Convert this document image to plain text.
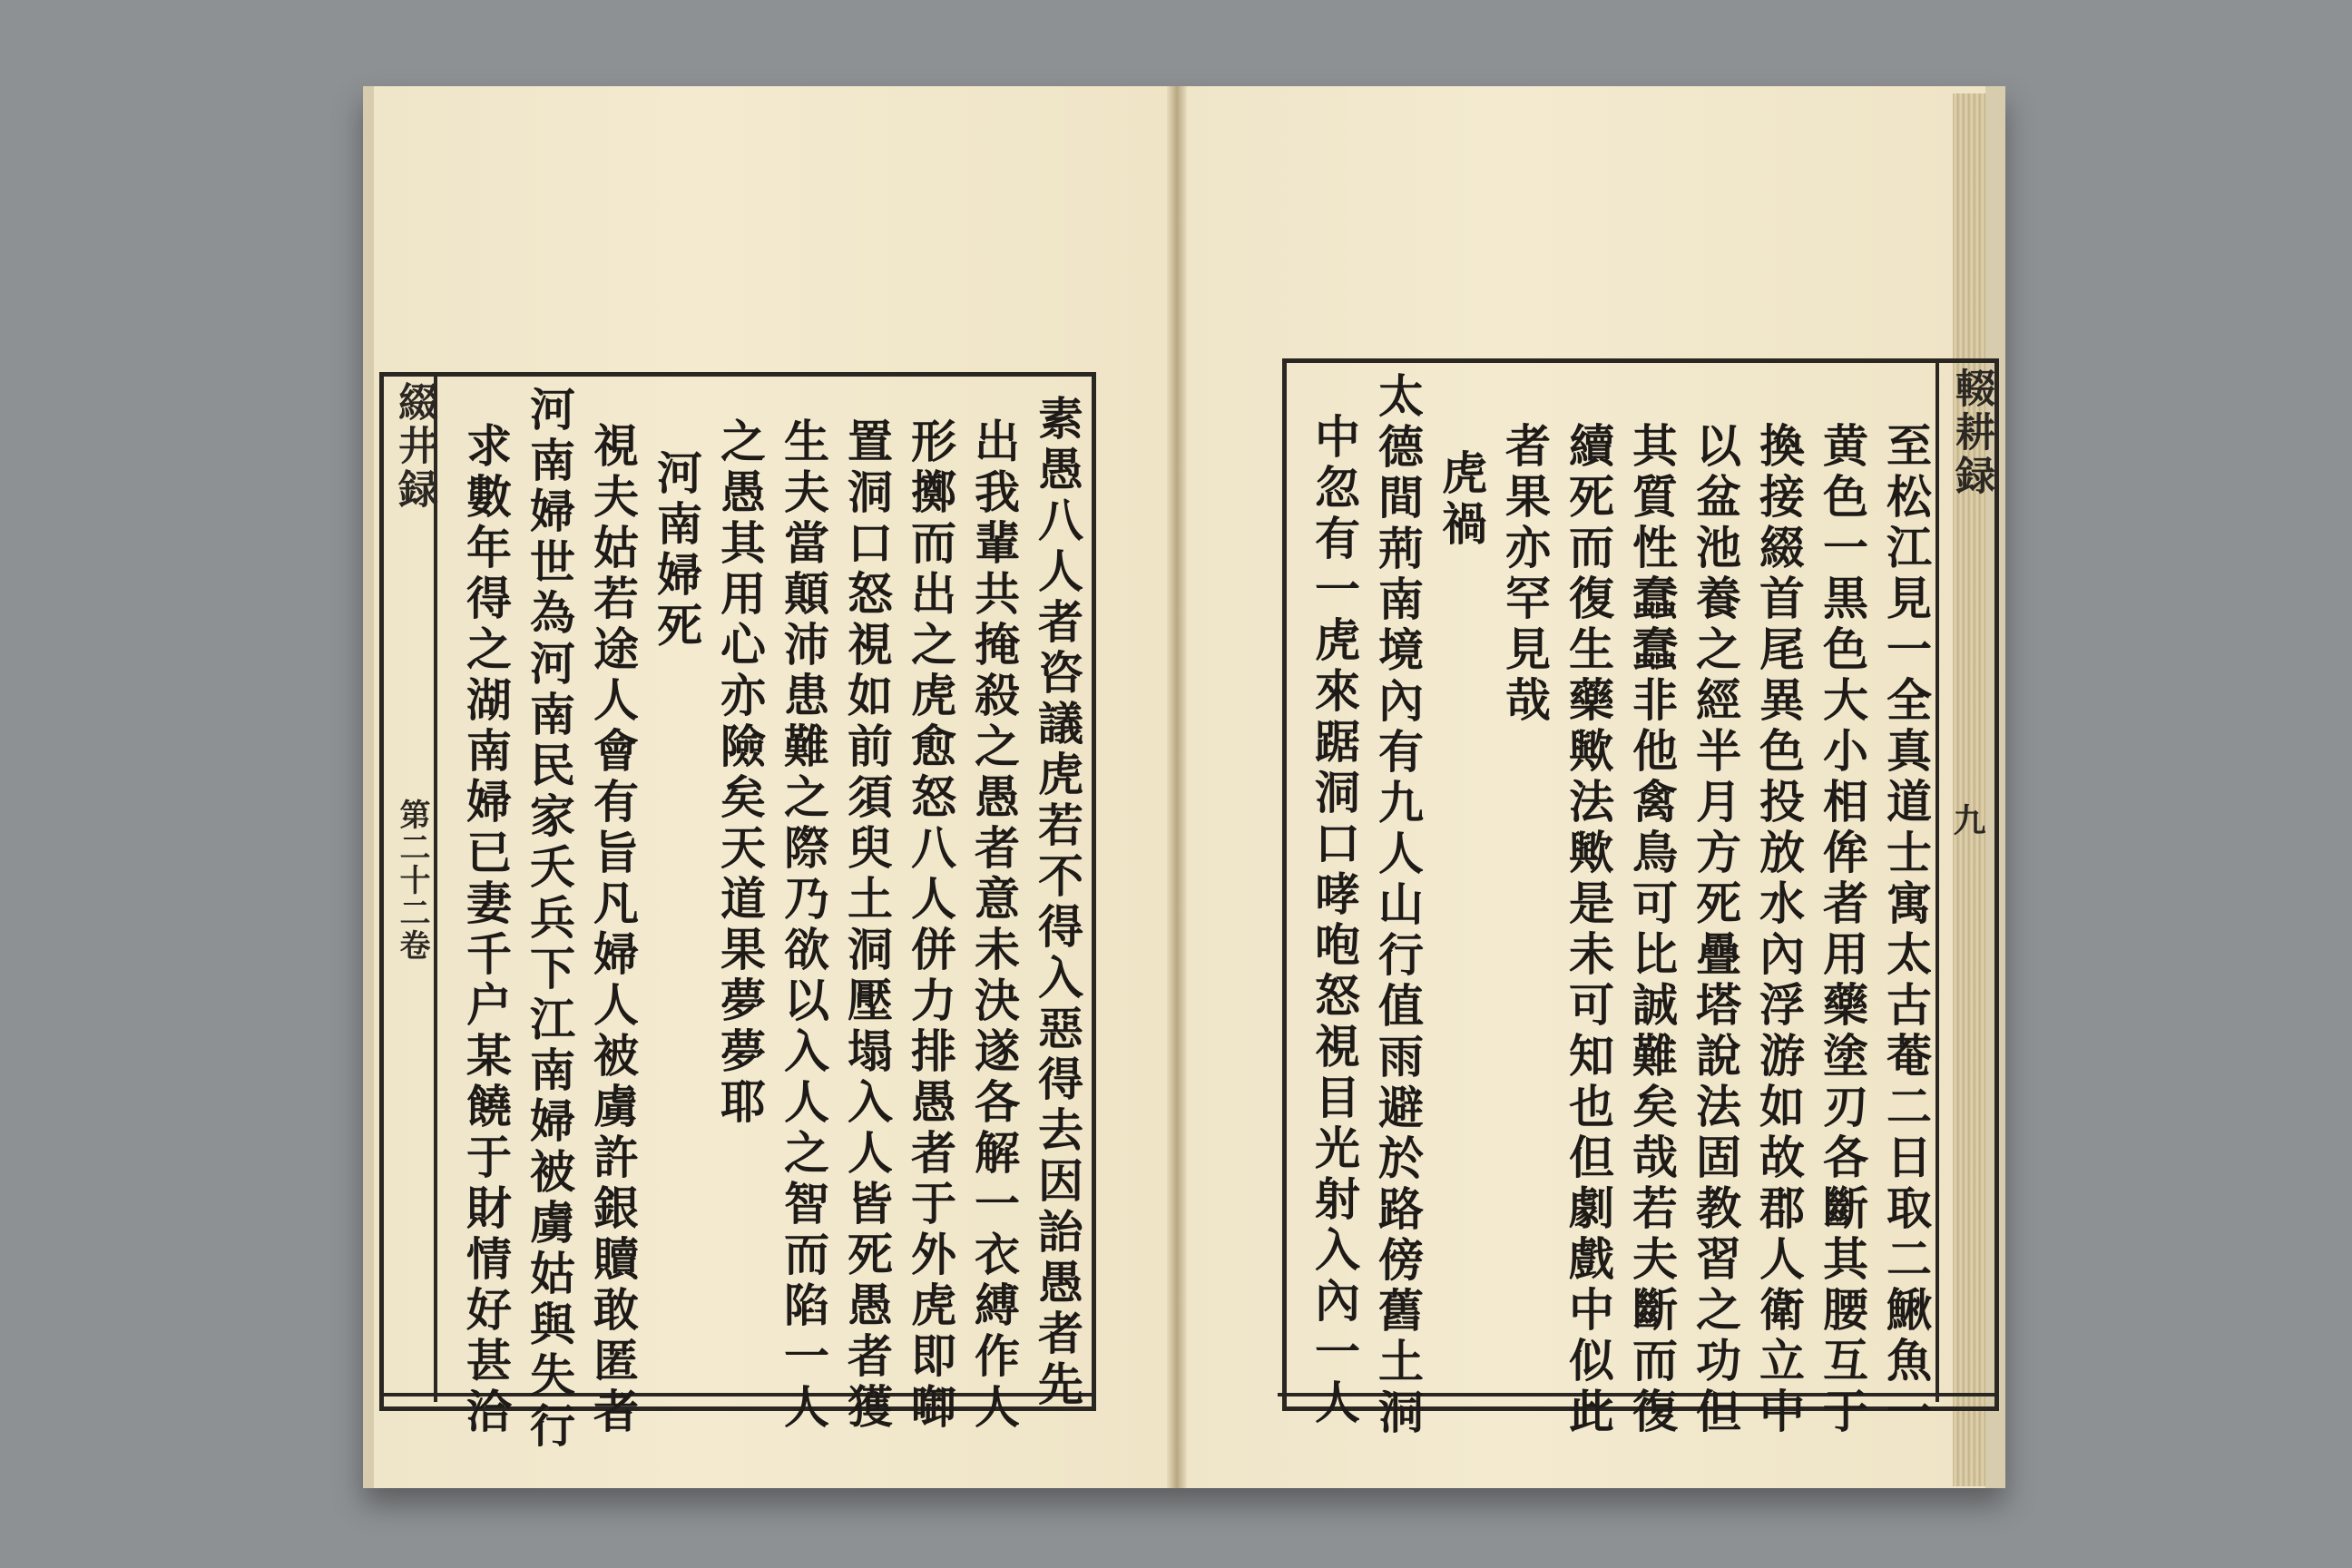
綴井録
第二十二卷 河南婦世為河南民家夭兵下江南婦被虜姑與失行
求數年得之湖南婦已妻千户某饒于財情好甚洽 視夫姑若途人會有旨凡婦人被虜許銀贖敢匿者 河南婦死 之愚其用心亦險矣天道果夢夢耶 生夫當顛沛患難之際乃欲以入人之智而陷一人 置洞口怒視如前須臾土洞壓塌入人皆死愚者獲 形擲而出之虎愈怒八人併力排愚者于外虎即啣 出我輩共掩殺之愚者意未決遂各解一衣縛作人 素愚八人者咨議虎若不得入惡得去因詒愚者先	輟耕録
九
至松江見一全真道士寓太古菴二日取二鰍魚一
黄色一黒色大小相侔者用藥塗刃各斷其腰互于
換接綴首尾異色投放水內浮游如故郡人衛立中
以盆池養之經半月方死疊塔說法固教習之功但
其質性蠢蠢非他禽鳥可比誠難矣哉若夫斷而復
續死而復生藥歟法歟是未可知也但劇戲中似此
者果亦罕見哉
虎禍
太德間荊南境內有九人山行值雨避於路傍舊土洞
中忽有一虎來踞洞口哮咆怒視目光射入內一人
